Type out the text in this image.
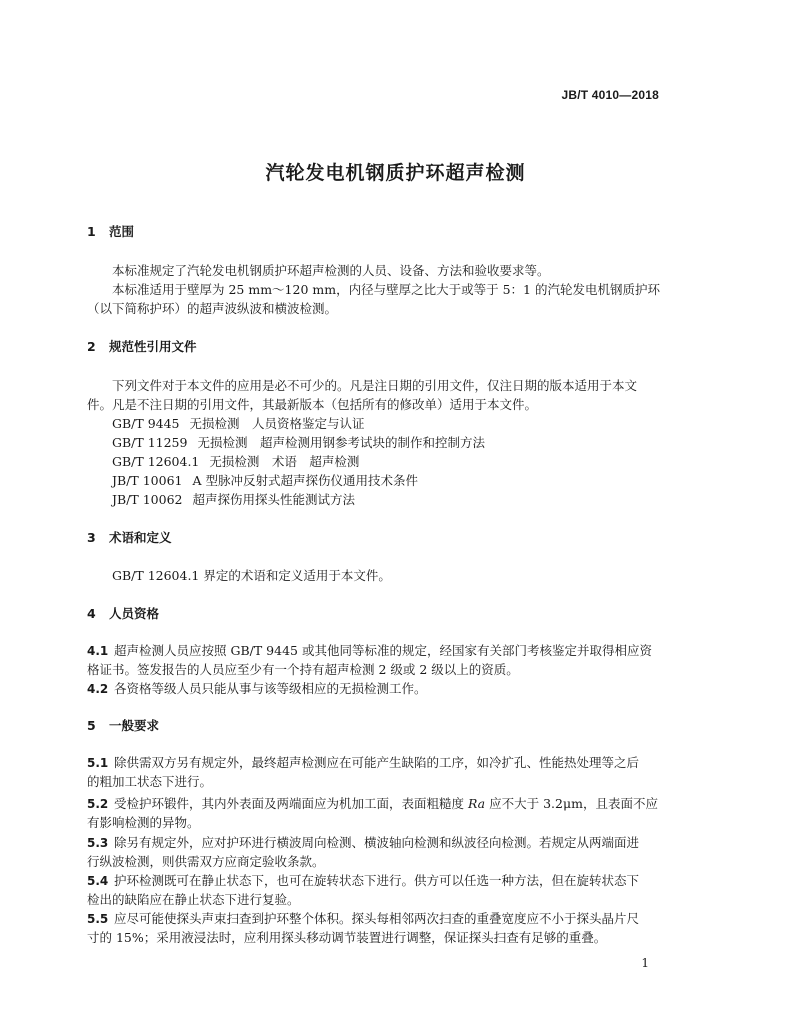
JB/T 4010—2018
汽轮发电机钢质护环超声检测
1 范围
本标准规定了汽轮发电机钢质护环超声检测的人员、设备、方法和验收要求等。
本标准适用于壁厚为 25 mm～120 mm，内径与壁厚之比大于或等于 5：1 的汽轮发电机钢质护环
（以下简称护环）的超声波纵波和横波检测。
2 规范性引用文件
下列文件对于本文件的应用是必不可少的。凡是注日期的引用文件，仅注日期的版本适用于本文
件。凡是不注日期的引用文件，其最新版本（包括所有的修改单）适用于本文件。
GB/T 9445 无损检测　人员资格鉴定与认证
GB/T 11259 无损检测　超声检测用钢参考试块的制作和控制方法
GB/T 12604.1 无损检测　术语　超声检测
JB/T 10061 A 型脉冲反射式超声探伤仪通用技术条件
JB/T 10062 超声探伤用探头性能测试方法
3 术语和定义
GB/T 12604.1 界定的术语和定义适用于本文件。
4 人员资格
4.1 超声检测人员应按照 GB/T 9445 或其他同等标准的规定，经国家有关部门考核鉴定并取得相应资
格证书。签发报告的人员应至少有一个持有超声检测 2 级或 2 级以上的资质。
4.2 各资格等级人员只能从事与该等级相应的无损检测工作。
5 一般要求
5.1 除供需双方另有规定外，最终超声检测应在可能产生缺陷的工序，如冷扩孔、性能热处理等之后
的粗加工状态下进行。
5.2 受检护环锻件，其内外表面及两端面应为机加工面，表面粗糙度 Ra 应不大于 3.2μm，且表面不应
有影响检测的异物。
5.3 除另有规定外，应对护环进行横波周向检测、横波轴向检测和纵波径向检测。若规定从两端面进
行纵波检测，则供需双方应商定验收条款。
5.4 护环检测既可在静止状态下，也可在旋转状态下进行。供方可以任选一种方法，但在旋转状态下
检出的缺陷应在静止状态下进行复验。
5.5 应尽可能使探头声束扫查到护环整个体积。探头每相邻两次扫查的重叠宽度应不小于探头晶片尺
寸的 15%；采用液浸法时，应利用探头移动调节装置进行调整，保证探头扫查有足够的重叠。
1
